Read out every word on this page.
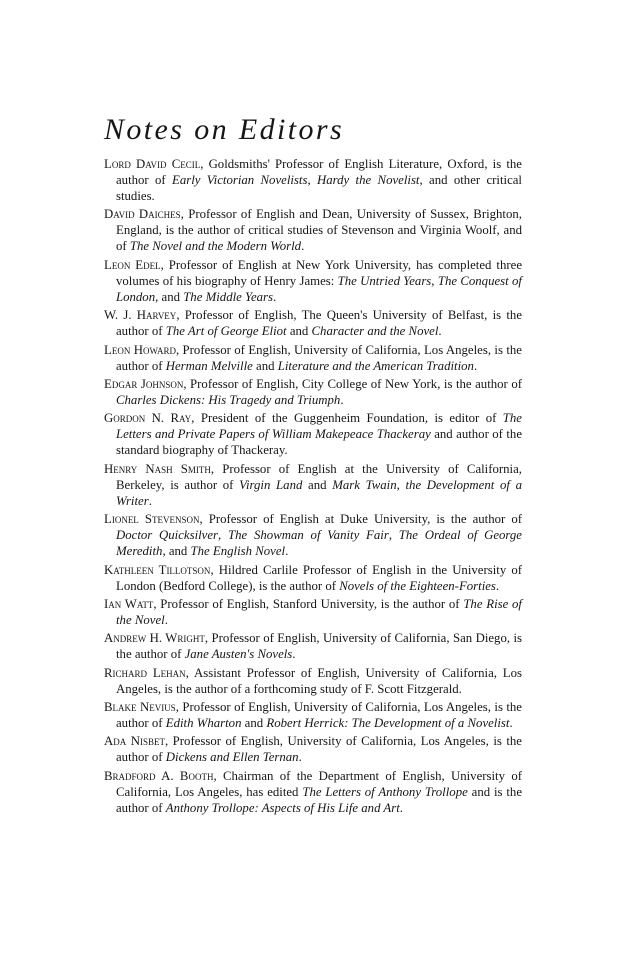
Notes on Editors

Lord David Cecil, Goldsmiths' Professor of English Literature, Oxford, is the author of Early Victorian Novelists, Hardy the Novelist, and other critical studies.

David Daiches, Professor of English and Dean, University of Sussex, Brighton, England, is the author of critical studies of Stevenson and Virginia Woolf, and of The Novel and the Modern World.

Leon Edel, Professor of English at New York University, has completed three volumes of his biography of Henry James: The Untried Years, The Conquest of London, and The Middle Years.

W. J. Harvey, Professor of English, The Queen's University of Belfast, is the author of The Art of George Eliot and Character and the Novel.

Leon Howard, Professor of English, University of California, Los Angeles, is the author of Herman Melville and Literature and the American Tradition.

Edgar Johnson, Professor of English, City College of New York, is the author of Charles Dickens: His Tragedy and Triumph.

Gordon N. Ray, President of the Guggenheim Foundation, is editor of The Letters and Private Papers of William Makepeace Thackeray and author of the standard biography of Thackeray.

Henry Nash Smith, Professor of English at the University of California, Berkeley, is author of Virgin Land and Mark Twain, the Development of a Writer.

Lionel Stevenson, Professor of English at Duke University, is the author of Doctor Quicksilver, The Showman of Vanity Fair, The Ordeal of George Meredith, and The English Novel.

Kathleen Tillotson, Hildred Carlile Professor of English in the University of London (Bedford College), is the author of Novels of the Eighteen-Forties.

Ian Watt, Professor of English, Stanford University, is the author of The Rise of the Novel.

Andrew H. Wright, Professor of English, University of California, San Diego, is the author of Jane Austen's Novels.

Richard Lehan, Assistant Professor of English, University of California, Los Angeles, is the author of a forthcoming study of F. Scott Fitzgerald.

Blake Nevius, Professor of English, University of California, Los Angeles, is the author of Edith Wharton and Robert Herrick: The Development of a Novelist.

Ada Nisbet, Professor of English, University of California, Los Angeles, is the author of Dickens and Ellen Ternan.

Bradford A. Booth, Chairman of the Department of English, University of California, Los Angeles, has edited The Letters of Anthony Trollope and is the author of Anthony Trollope: Aspects of His Life and Art.
